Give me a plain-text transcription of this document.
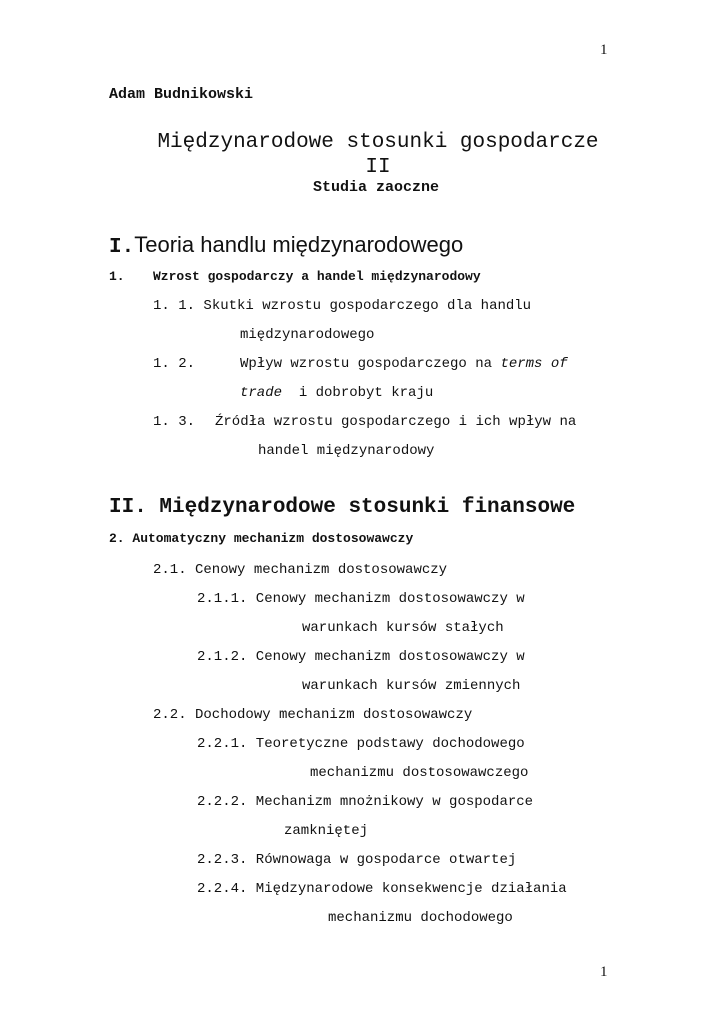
1
Adam Budnikowski
Międzynarodowe stosunki gospodarcze
II
Studia zaoczne
I.Teoria handlu międzynarodowego
1. Wzrost gospodarczy a handel międzynarodowy
1. 1. Skutki wzrostu gospodarczego dla handlu
międzynarodowego
1. 2.	Wpływ wzrostu gospodarczego na terms of
trade  i dobrobyt kraju
1. 3. Źródła wzrostu gospodarczego i ich wpływ na
handel międzynarodowy
II. Międzynarodowe stosunki finansowe
2. Automatyczny mechanizm dostosowawczy
2.1. Cenowy mechanizm dostosowawczy
2.1.1. Cenowy mechanizm dostosowawczy w
warunkach kursów stałych
2.1.2. Cenowy mechanizm dostosowawczy w
warunkach kursów zmiennych
2.2. Dochodowy mechanizm dostosowawczy
2.2.1. Teoretyczne podstawy dochodowego
mechanizmu dostosowawczego
2.2.2. Mechanizm mnożnikowy w gospodarce
zamkniętej
2.2.3. Równowaga w gospodarce otwartej
2.2.4. Międzynarodowe konsekwencje działania
mechanizmu dochodowego
1
